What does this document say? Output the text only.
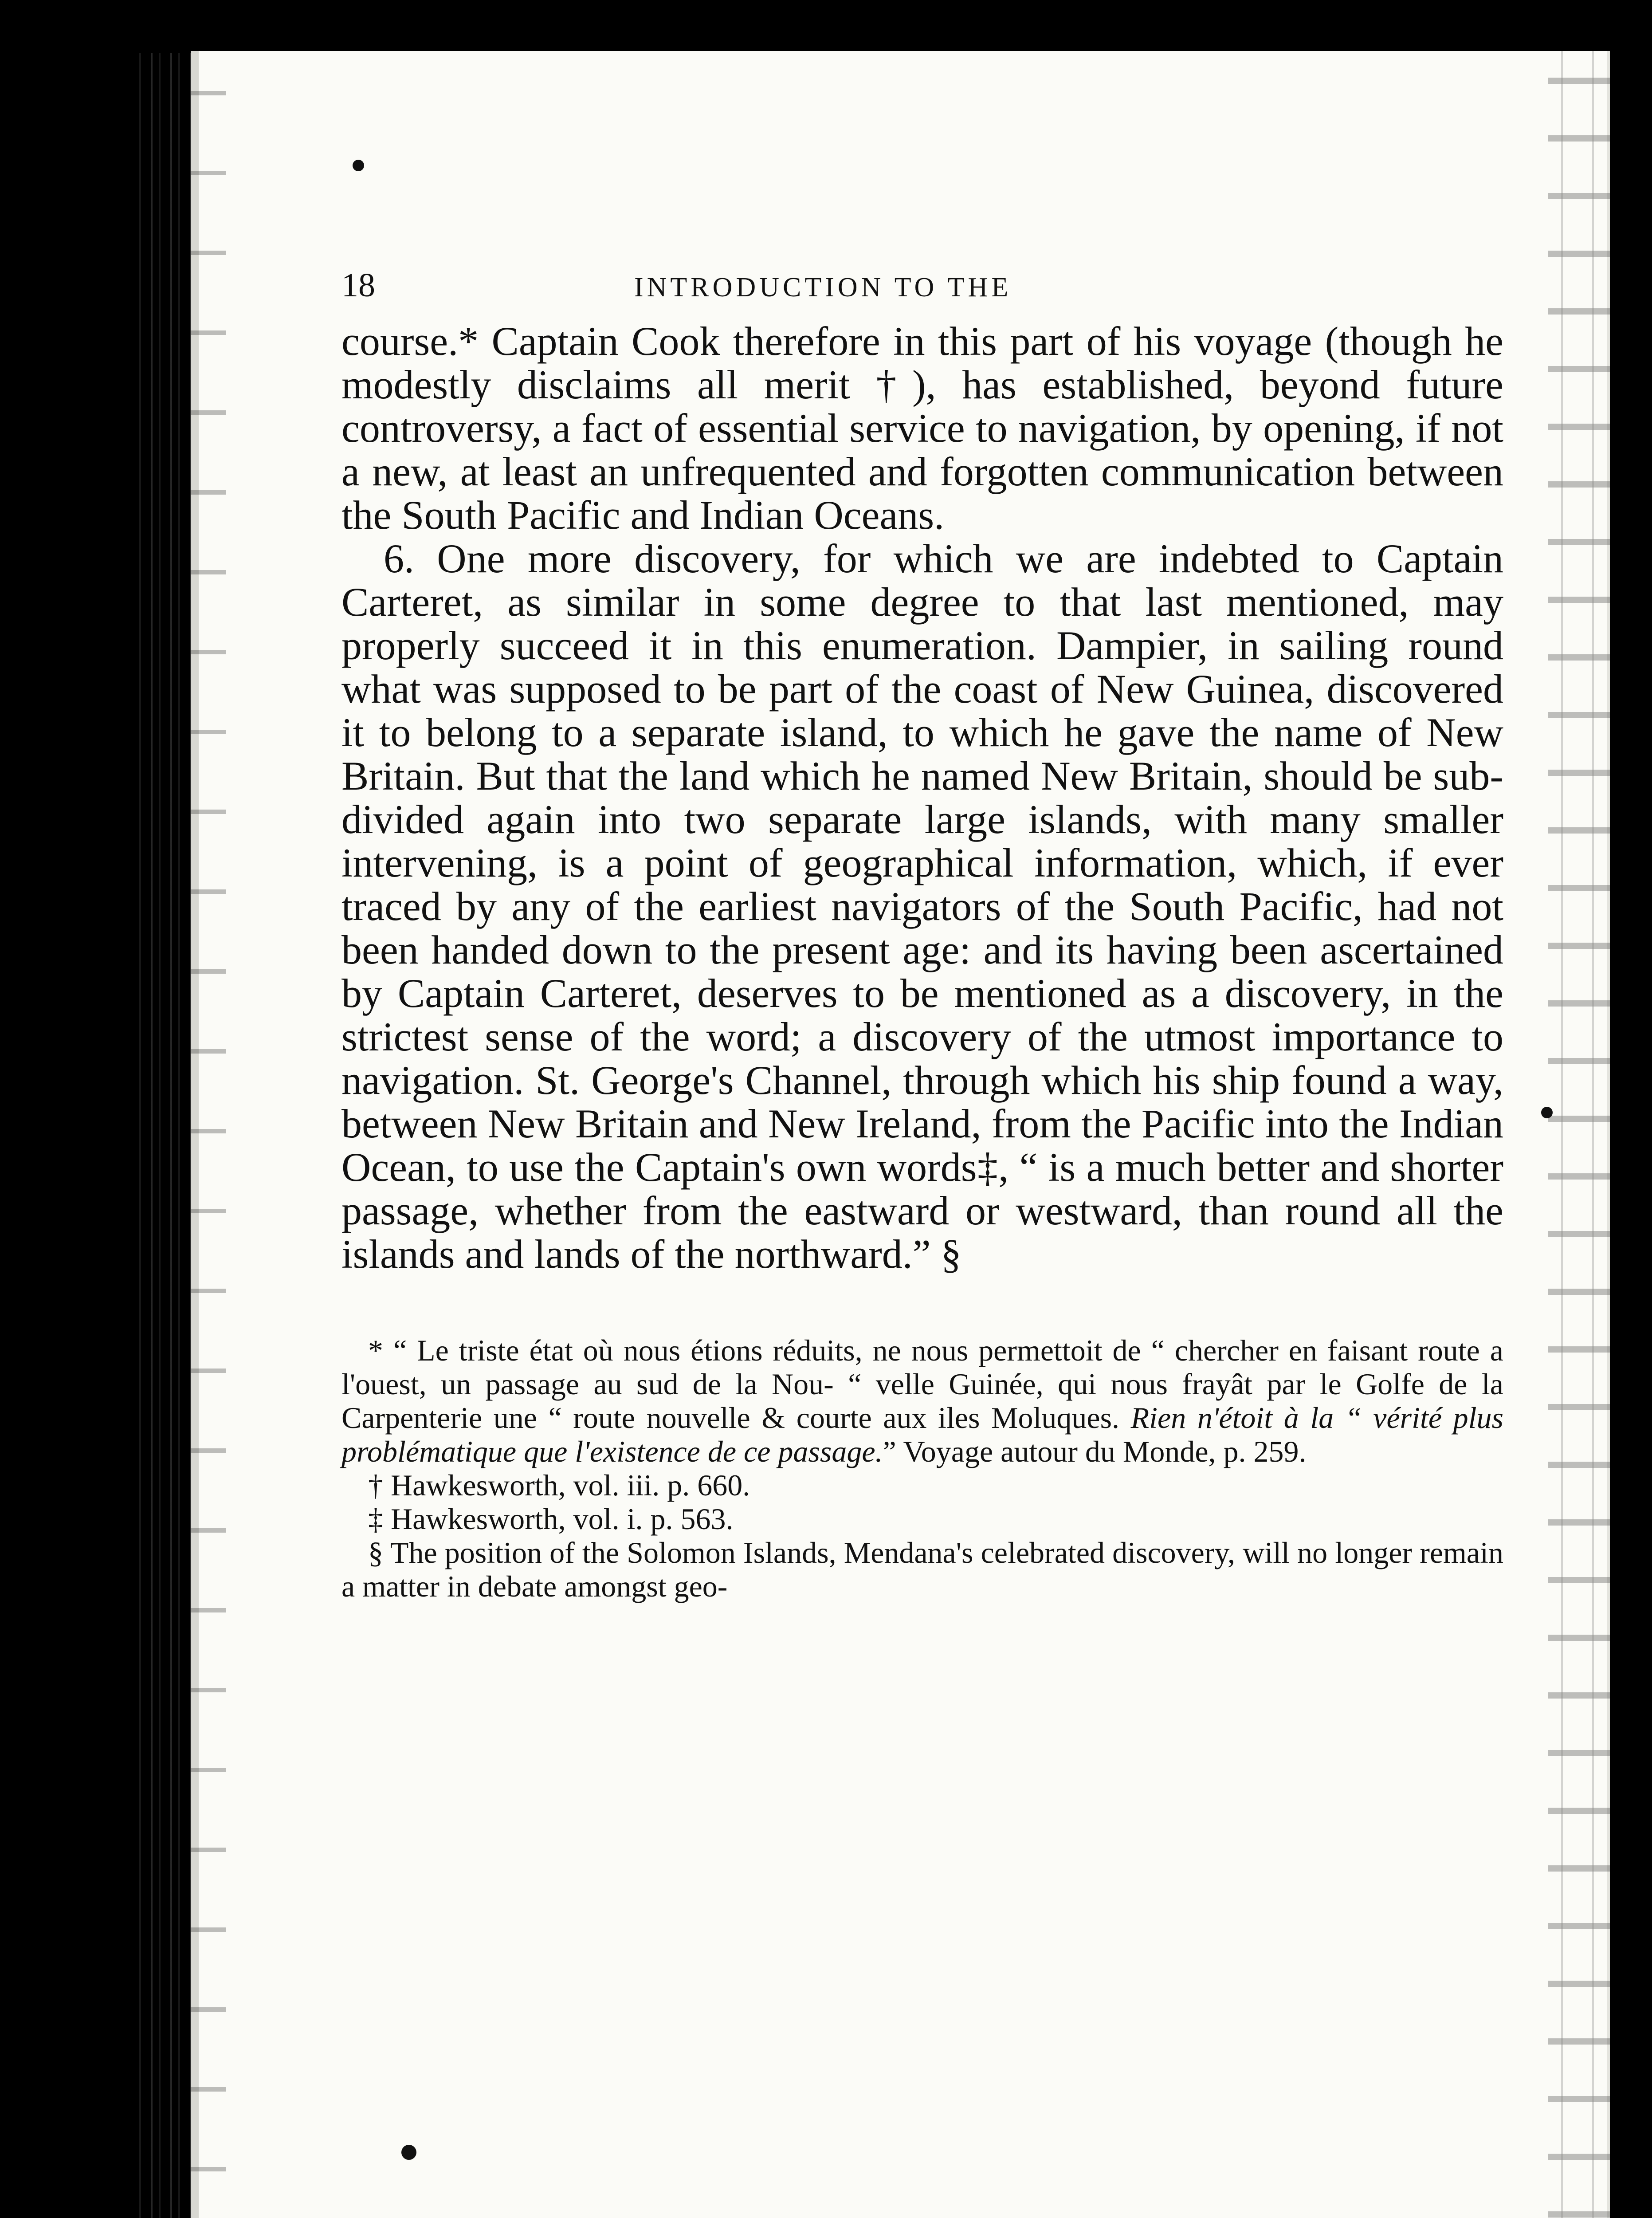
18	INTRODUCTION TO THE

course.* Captain Cook therefore in this part of his voyage (though he modestly disclaims all merit †), has established, beyond future controversy, a fact of essential service to navigation, by opening, if not a new, at least an unfrequented and forgotten communication between the South Pacific and Indian Oceans.

6. One more discovery, for which we are indebted to Captain Carteret, as similar in some degree to that last mentioned, may properly succeed it in this enumeration. Dampier, in sailing round what was supposed to be part of the coast of New Guinea, discovered it to belong to a separate island, to which he gave the name of New Britain. But that the land which he named New Britain, should be sub-divided again into two separate large islands, with many smaller intervening, is a point of geographical information, which, if ever traced by any of the earliest navigators of the South Pacific, had not been handed down to the present age: and its having been ascertained by Captain Carteret, deserves to be mentioned as a discovery, in the strictest sense of the word; a discovery of the utmost importance to navigation. St. George's Channel, through which his ship found a way, between New Britain and New Ireland, from the Pacific into the Indian Ocean, to use the Captain's own words‡, “ is a much better and shorter passage, whether from the eastward or westward, than round all the islands and lands of the northward.” §

* “ Le triste état où nous étions réduits, ne nous permettoit de “ chercher en faisant route a l'ouest, un passage au sud de la Nou- “ velle Guinée, qui nous frayât par le Golfe de la Carpenterie une “ route nouvelle & courte aux iles Moluques. Rien n'étoit à la “ vérité plus problématique que l'existence de ce passage.” Voyage autour du Monde, p. 259.

† Hawkesworth, vol. iii. p. 660.

‡ Hawkesworth, vol. i. p. 563.

§ The position of the Solomon Islands, Mendana's celebrated discovery, will no longer remain a matter in debate amongst geo-
